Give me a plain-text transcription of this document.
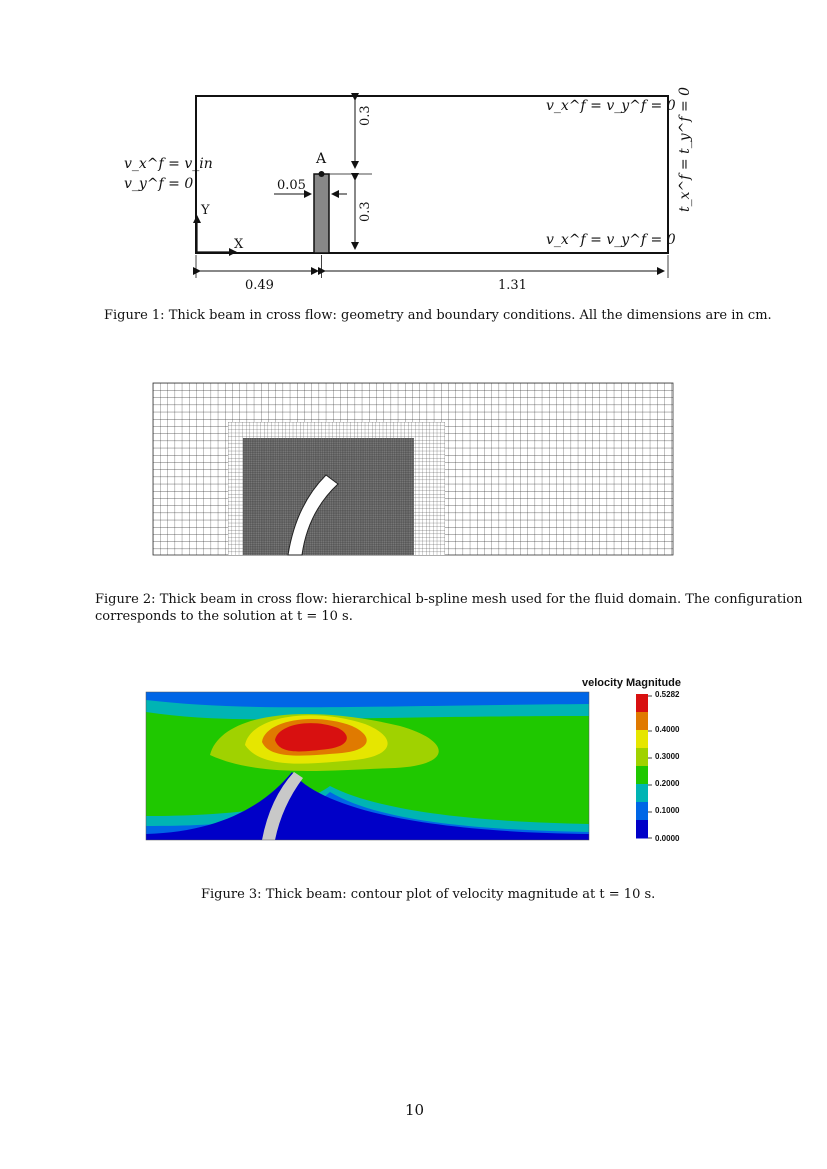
0.3
0.3
0.05
A
Y
X
0.49	1.31
v_x^f = v_in
v_y^f = 0
v_x^f = v_y^f = 0
v_x^f = v_y^f = 0
t_x^f = t_y^f = 0
Figure 1: Thick beam in cross flow: geometry and boundary conditions. All the dimensions are in cm.
Figure 2: Thick beam in cross flow: hierarchical b-spline mesh used for the fluid domain. The configuration
corresponds to the solution at t = 10 s.
velocity Magnitude
0.5282
0.4000
0.3000
0.2000
0.1000
0.0000
Figure 3: Thick beam: contour plot of velocity magnitude at t = 10 s.
10
